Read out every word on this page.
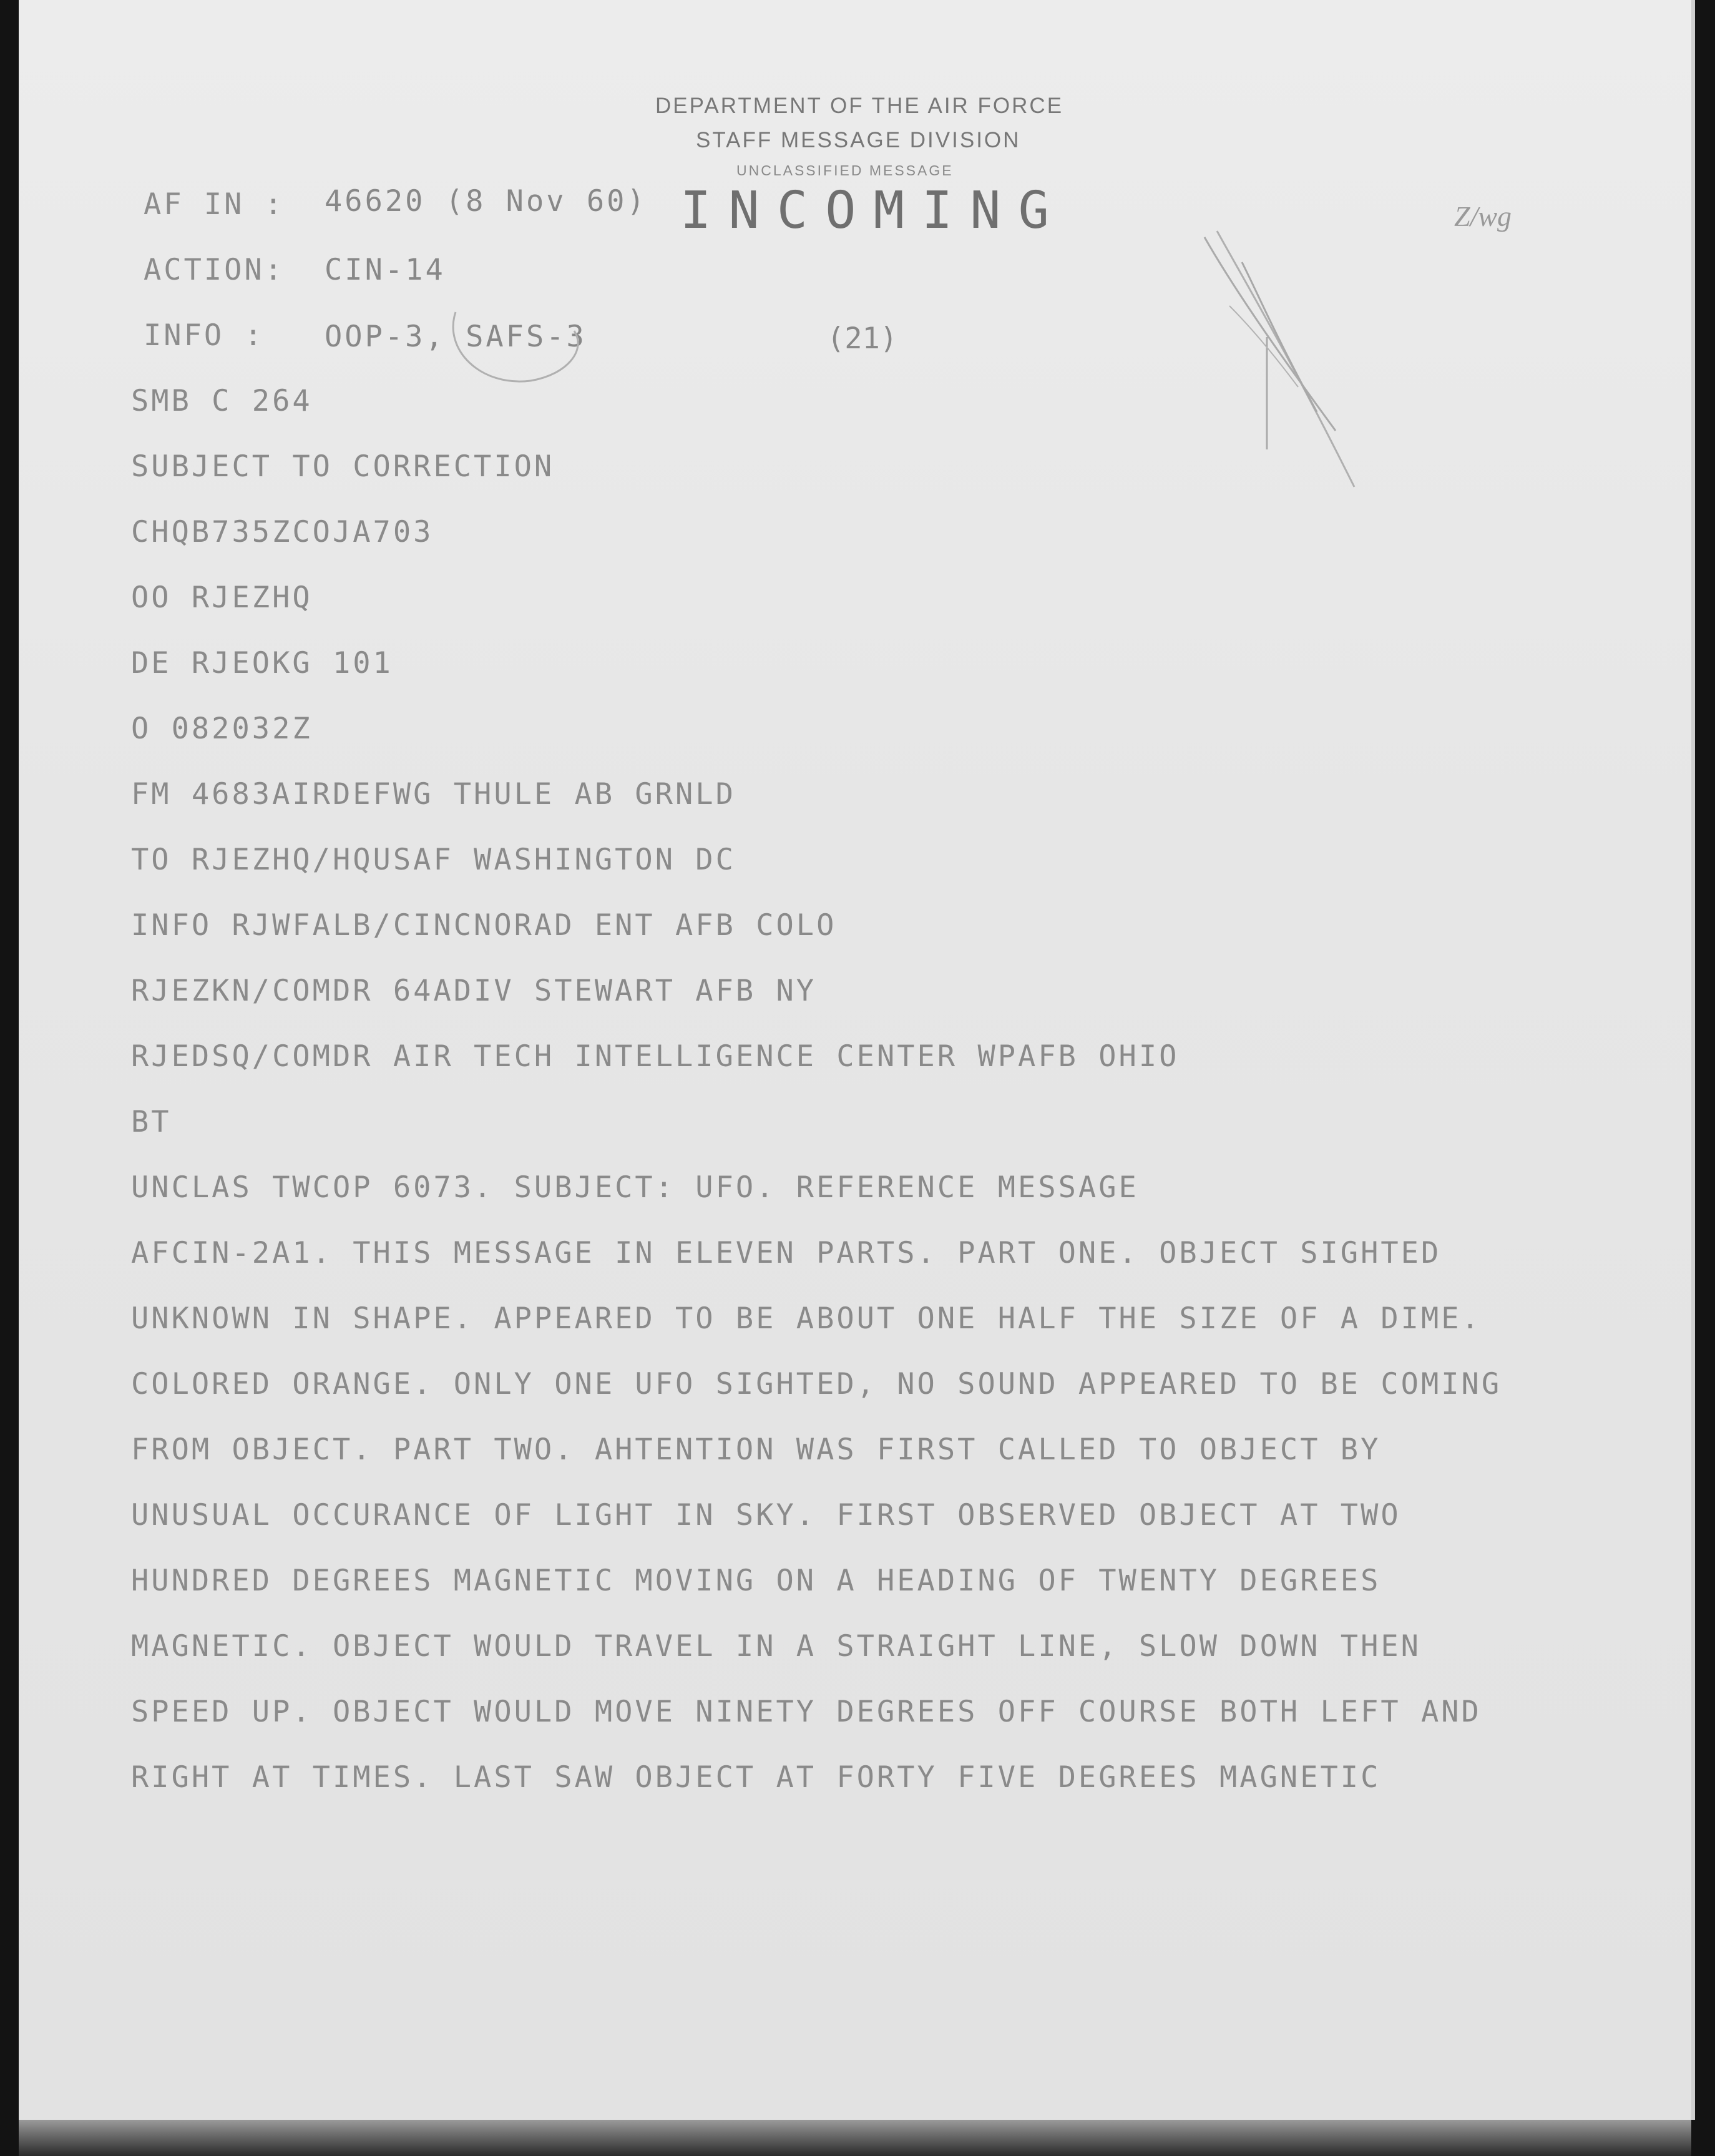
DEPARTMENT OF THE AIR FORCE
STAFF MESSAGE DIVISION
UNCLASSIFIED MESSAGE
INCOMING
AF IN : 46620 (8 Nov 60)
ACTION: CIN-14
INFO : OOP-3, SAFS-3	(21)
Z/wg
SMB C 264
SUBJECT TO CORRECTION
CHQB735ZCOJA703
OO RJEZHQ
DE RJEOKG 101
O 082032Z
FM 4683AIRDEFWG THULE AB GRNLD
TO RJEZHQ/HQUSAF WASHINGTON DC
INFO RJWFALB/CINCNORAD ENT AFB COLO
RJEZKN/COMDR 64ADIV STEWART AFB NY
RJEDSQ/COMDR AIR TECH INTELLIGENCE CENTER WPAFB OHIO
BT
UNCLAS TWCOP 6073. SUBJECT: UFO. REFERENCE MESSAGE
AFCIN-2A1. THIS MESSAGE IN ELEVEN PARTS. PART ONE. OBJECT SIGHTED
UNKNOWN IN SHAPE. APPEARED TO BE ABOUT ONE HALF THE SIZE OF A DIME.
COLORED ORANGE. ONLY ONE UFO SIGHTED, NO SOUND APPEARED TO BE COMING
FROM OBJECT. PART TWO. AHTENTION WAS FIRST CALLED TO OBJECT BY
UNUSUAL OCCURANCE OF LIGHT IN SKY. FIRST OBSERVED OBJECT AT TWO
HUNDRED DEGREES MAGNETIC MOVING ON A HEADING OF TWENTY DEGREES
MAGNETIC. OBJECT WOULD TRAVEL IN A STRAIGHT LINE, SLOW DOWN THEN
SPEED UP. OBJECT WOULD MOVE NINETY DEGREES OFF COURSE BOTH LEFT AND
RIGHT AT TIMES. LAST SAW OBJECT AT FORTY FIVE DEGREES MAGNETIC
